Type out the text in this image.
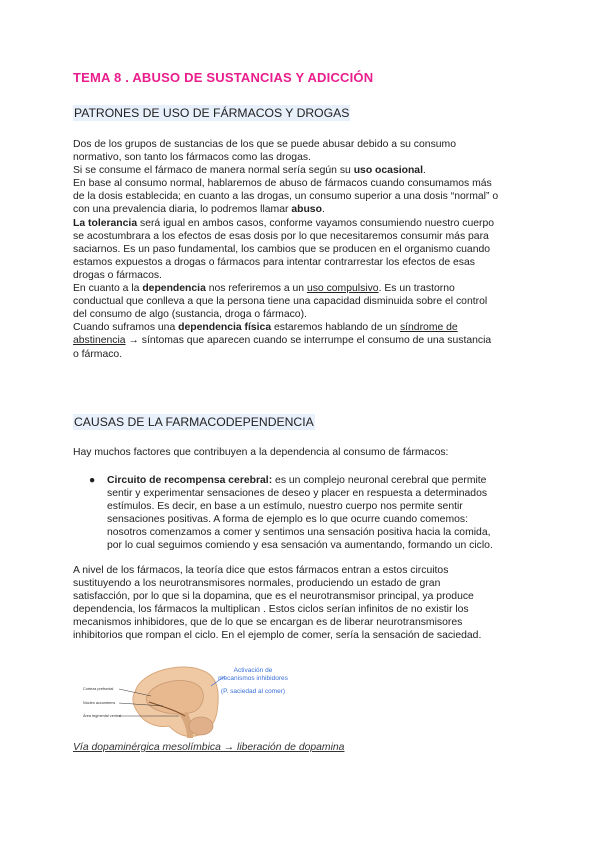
TEMA 8 . ABUSO DE SUSTANCIAS Y ADICCIÓN
PATRONES DE USO DE FÁRMACOS Y DROGAS

Dos de los grupos de sustancias de los que se puede abusar debido a su consumo
normativo, son tanto los fármacos como las drogas.

Si se consume el fármaco de manera normal sería según su uso ocasional.

En base al consumo normal, hablaremos de abuso de fármacos cuando consumamos más
de la dosis establecida; en cuanto a las drogas, un consumo superior a una dosis “normal” o
con una prevalencia diaria, lo podremos llamar abuso.

La tolerancia será igual en ambos casos, conforme vayamos consumiendo nuestro cuerpo
se acostumbrara a los efectos de esas dosis por lo que necesitaremos consumir más para
saciarnos. Es un paso fundamental, los cambios que se producen en el organismo cuando
estamos expuestos a drogas o fármacos para intentar contrarrestar los efectos de esas
drogas o fármacos.

En cuanto a la dependencia nos referiremos a un uso compulsivo. Es un trastorno
conductual que conlleva a que la persona tiene una capacidad disminuida sobre el control
del consumo de algo (sustancia, droga o fármaco).

Cuando suframos una dependencia física estaremos hablando de un síndrome de
abstinencia → síntomas que aparecen cuando se interrumpe el consumo de una sustancia
o fármaco.

CAUSAS DE LA FARMACODEPENDENCIA

Hay muchos factores que contribuyen a la dependencia al consumo de fármacos:

● Circuito de recompensa cerebral: es un complejo neuronal cerebral que permite
sentir y experimentar sensaciones de deseo y placer en respuesta a determinados
estímulos. Es decir, en base a un estímulo, nuestro cuerpo nos permite sentir
sensaciones positivas. A forma de ejemplo es lo que ocurre cuando comemos:
nosotros comenzamos a comer y sentimos una sensación positiva hacia la comida,
por lo cual seguimos comiendo y esa sensación va aumentando, formando un ciclo.

A nivel de los fármacos, la teoría dice que estos fármacos entran a estos circuitos
sustituyendo a los neurotransmisores normales, produciendo un estado de gran
satisfacción, por lo que si la dopamina, que es el neurotransmisor principal, ya produce
dependencia, los fármacos la multiplican . Estos ciclos serían infinitos de no existir los
mecanismos inhibidores, que de lo que se encargan es de liberar neurotransmisores
inhibitorios que rompan el ciclo. En el ejemplo de comer, sería la sensación de saciedad.

Corteza prefrontal
Núcleo accumbens
Área tegmental ventral
Activación de
mecanismos inhibidores
(P. saciedad al comer)

Vía dopaminérgica mesolímbica → liberación de dopamina
